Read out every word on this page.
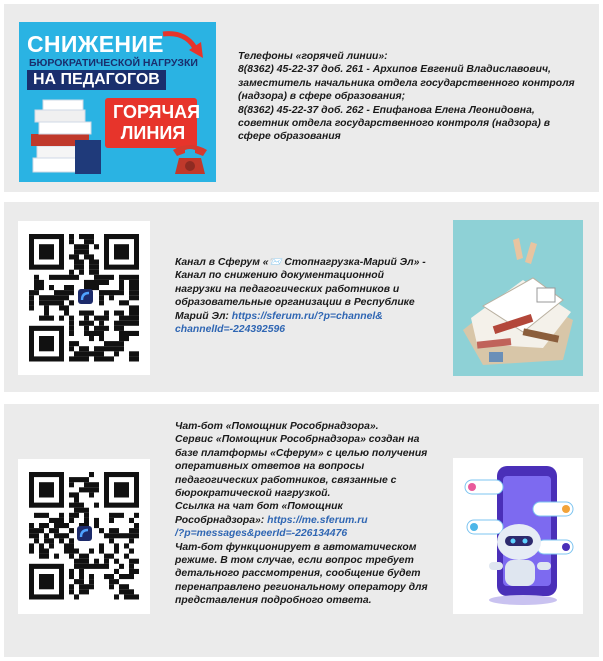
СНИЖЕНИЕ
БЮРОКРАТИЧЕСКОЙ НАГРУЗКИ
НА ПЕДАГОГОВ
ГОРЯЧАЯ
ЛИНИЯ
Телефоны «горячей линии»:
8(8362) 45-22-37 доб. 261 - Архипов Евгений Владиславович,
заместитель начальника отдела государственного контроля
(надзора) в сфере образования;
8(8362) 45-22-37 доб. 262 - Епифанова Елена Леонидовна,
советник отдела государственного контроля (надзора) в
сфере образования
Канал в Сферум «📨 Стопнагрузка-Марий Эл» -
Канал по снижению документационной
нагрузки на педагогических работников и
образовательные организации в Республике
Марий Эл: https://sferum.ru/?p=channel&
channelId=-224392596
Чат-бот «Помощник Рособрнадзора».
Сервис «Помощник Рособрнадзора» создан на
базе платформы «Сферум» с целью получения
оперативных ответов на вопросы
педагогических работников, связанные с
бюрократической нагрузкой.
Ссылка на чат бот «Помощник
Рособрнадзора»: https://me.sferum.ru
/?p=messages&peerId=-226134476
Чат-бот функционирует в автоматическом
режиме. В том случае, если вопрос требует
детального рассмотрения, сообщение будет
перенаправлено региональному оператору для
представления подробного ответа.
